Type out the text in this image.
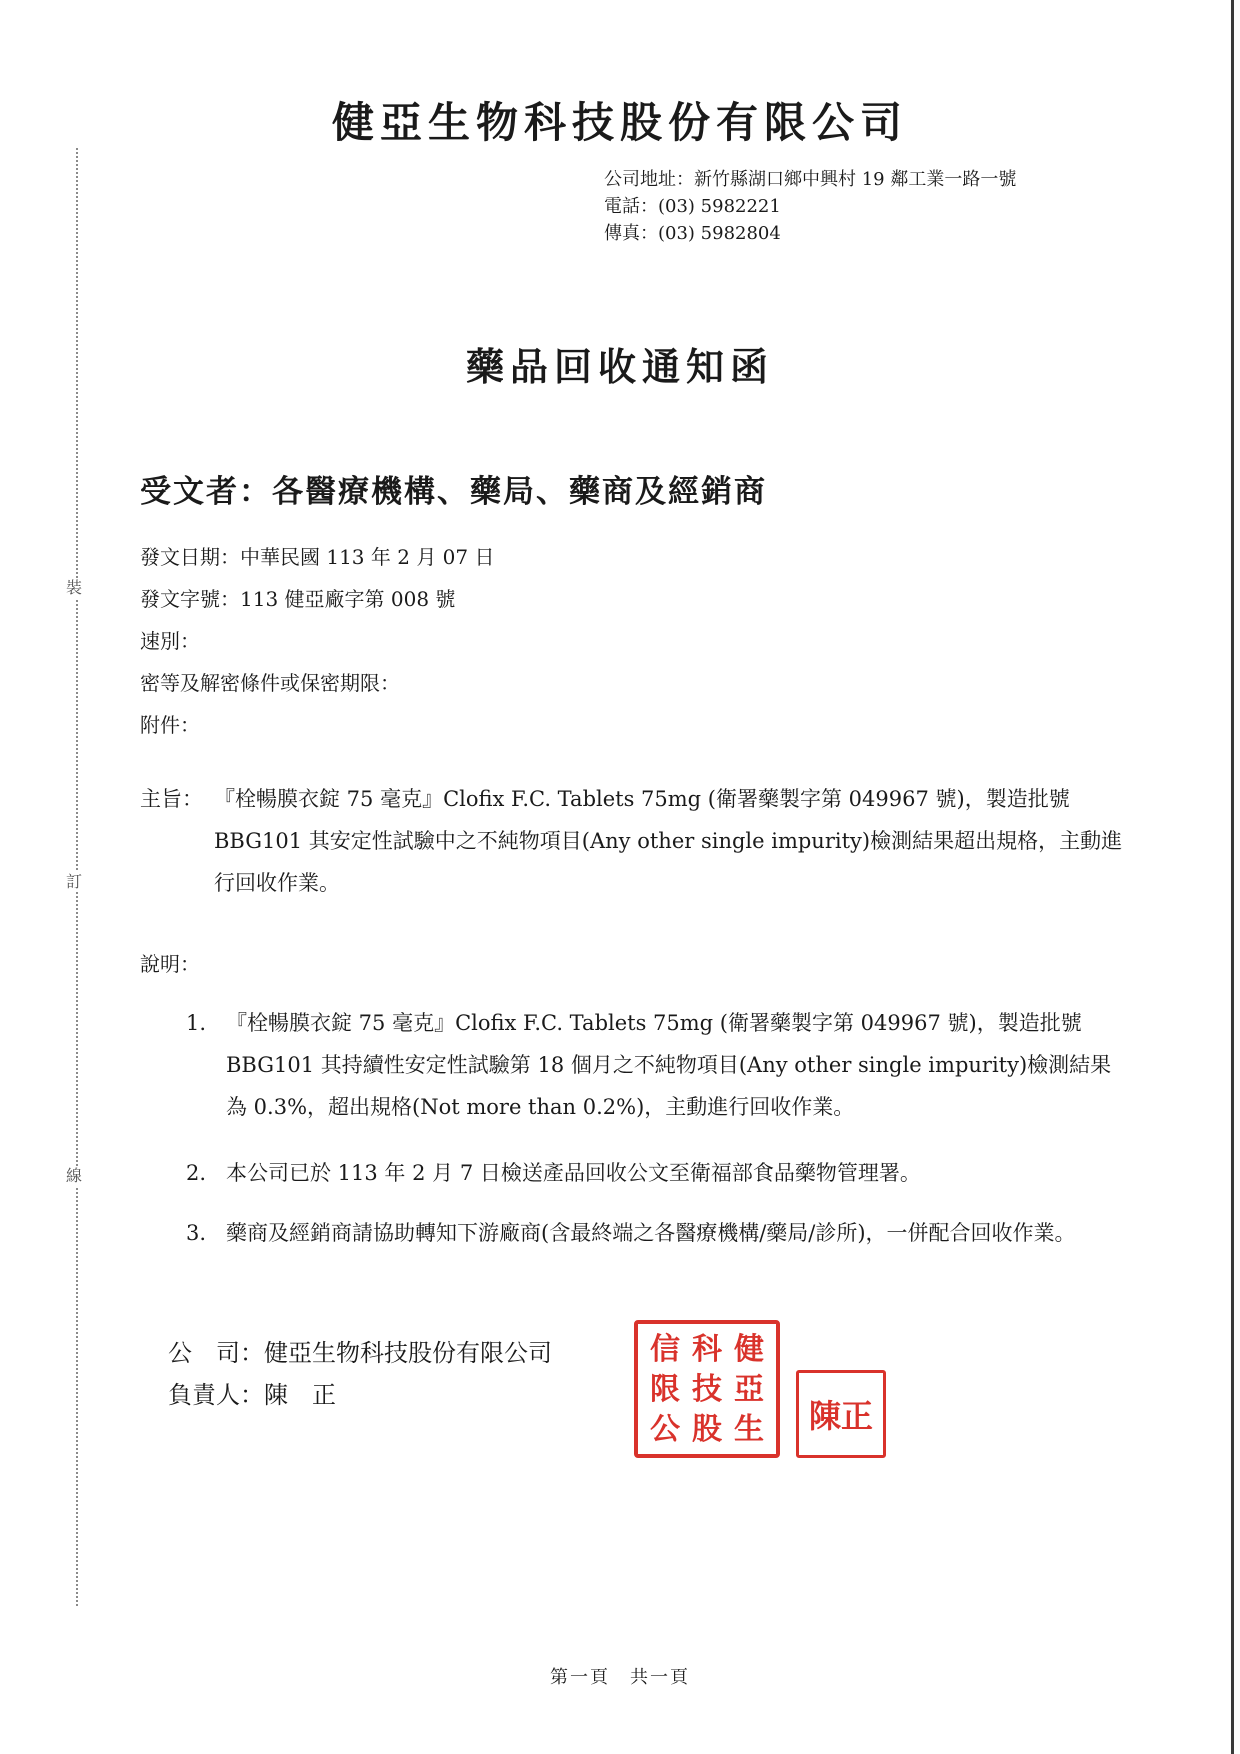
裝
訂
線
健亞生物科技股份有限公司
公司地址：新竹縣湖口鄉中興村 19 鄰工業一路一號
電話：(03) 5982221
傳真：(03) 5982804
藥品回收通知函
受文者：各醫療機構、藥局、藥商及經銷商
發文日期：中華民國 113 年 2 月 07 日
發文字號：113 健亞廠字第 008 號
速別：
密等及解密條件或保密期限：
附件：
主旨： 『栓暢膜衣錠 75 毫克』Clofix F.C. Tablets 75mg (衛署藥製字第 049967 號)，製造批號 BBG101 其安定性試驗中之不純物項目(Any other single impurity)檢測結果超出規格，主動進行回收作業。
說明：
1. 『栓暢膜衣錠 75 毫克』Clofix F.C. Tablets 75mg (衛署藥製字第 049967 號)，製造批號 BBG101 其持續性安定性試驗第 18 個月之不純物項目(Any other single impurity)檢測結果為 0.3%，超出規格(Not more than 0.2%)，主動進行回收作業。
2. 本公司已於 113 年 2 月 7 日檢送產品回收公文至衛福部食品藥物管理署。
3. 藥商及經銷商請協助轉知下游廠商(含最終端之各醫療機構/藥局/診所)，一併配合回收作業。
公　司：健亞生物科技股份有限公司
負責人：陳　正
信 科 健
限 技 亞
公 股 生	陳正
第一頁　共一頁
